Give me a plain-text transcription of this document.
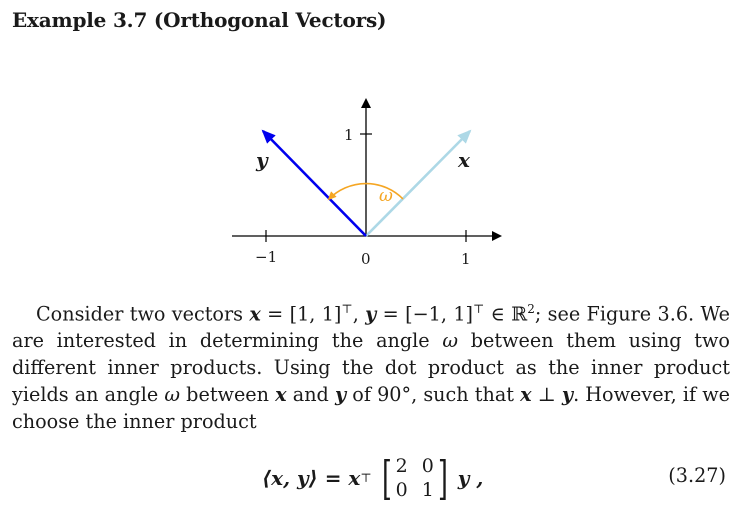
Example 3.7 (Orthogonal Vectors)
1
−1	0	1
x
y
ω

Consider two vectors x = [1, 1]⊤, y = [−1, 1]⊤ ∈ ℝ$^2$; see Figure 3.6. We are interested in determining the angle ω between them using two different inner products. Using the dot product as the inner product yields an angle ω between x and y of 90°, such that x ⊥ y. However, if we choose the inner product

⟨x, y⟩ = x ⊤ [ 2 0
0 1 ] y ,	(3.27)
